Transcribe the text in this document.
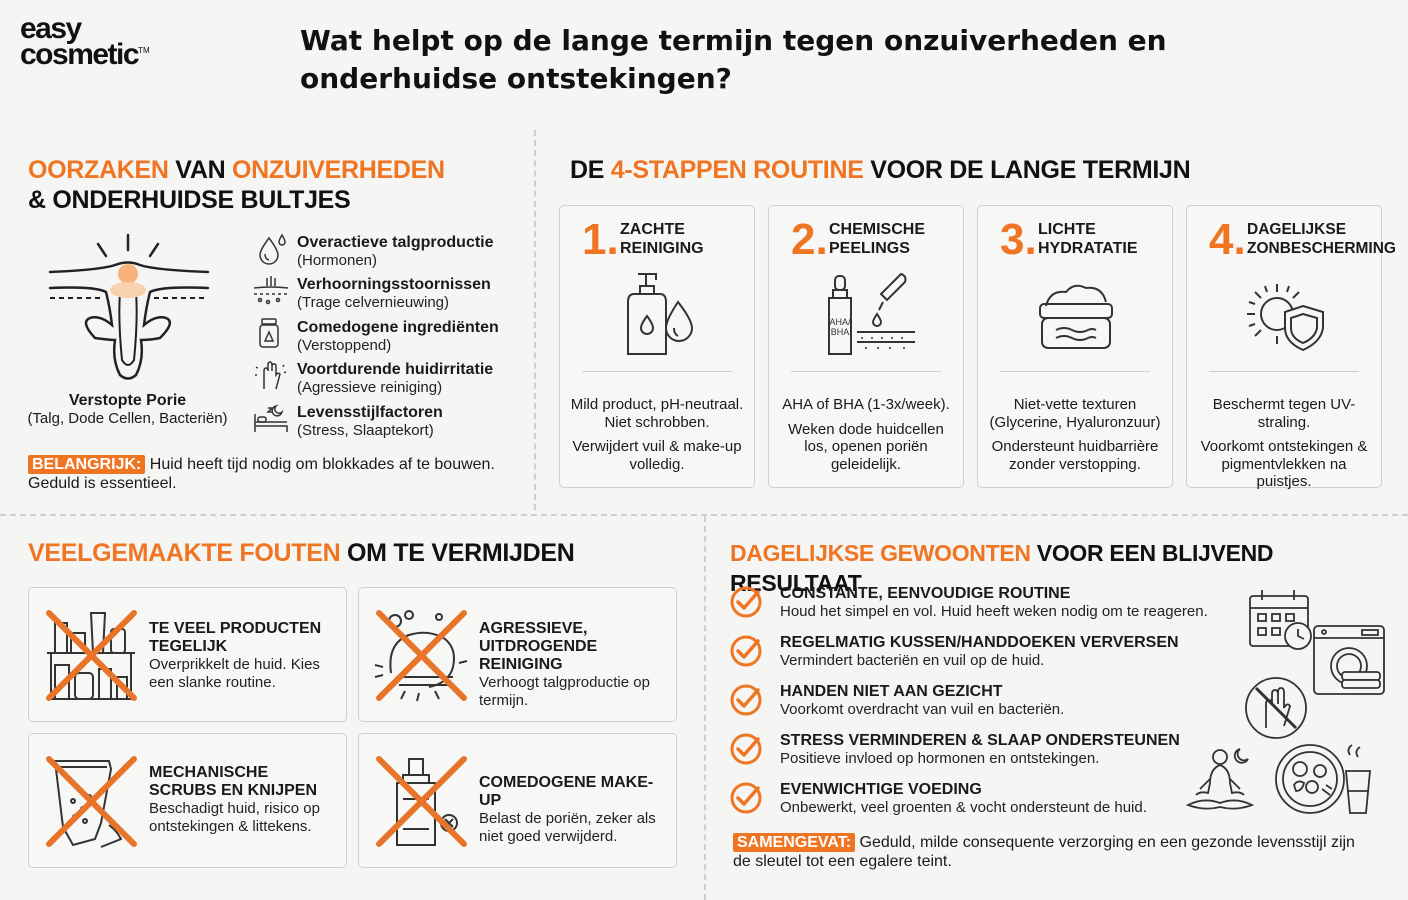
easy
cosmetic™	Wat helpt op de lange termijn tegen onzuiverheden en onderhuidse ontstekingen?
OORZAKEN VAN ONZUIVERHEDEN
& ONDERHUIDSE BULTJES
Verstopte Porie
(Talg, Dode Cellen, Bacteriën)
Overactieve talgproductie
(Hormonen)
Verhoorningsstoornissen
(Trage celvernieuwing)
Comedogene ingrediënten
(Verstoppend)
Voortdurende huidirritatie
(Agressieve reiniging)
Levensstijlfactoren
(Stress, Slaaptekort)
BELANGRIJK: Huid heeft tijd nodig om blokkades af te bouwen. Geduld is essentieel.
DE 4-STAPPEN ROUTINE VOOR DE LANGE TERMIJN
1. ZACHTE
REINIGING

Mild product, pH-neutraal. Niet schrobben.

Verwijdert vuil & make-up volledig.

2. CHEMISCHE
PEELINGS
AHA/ BHA

AHA of BHA (1-3x/week).

Weken dode huidcellen los, openen poriën geleidelijk.

3. LICHTE
HYDRATATIE

Niet-vette texturen (Glycerine, Hyaluronzuur)

Ondersteunt huidbarrière zonder verstopping.

4. DAGELIJKSE
ZONBESCHERMING

Beschermt tegen UV-straling.

Voorkomt ontstekingen & pigmentvlekken na puistjes.

VEELGEMAAKTE FOUTEN OM TE VERMIJDEN
TE VEEL PRODUCTEN TEGELIJK
Overprikkelt de huid. Kies een slanke routine.
AGRESSIEVE, UITDROGENDE REINIGING
Verhoogt talgproductie op termijn.
MECHANISCHE SCRUBS EN KNIJPEN
Beschadigt huid, risico op ontstekingen & littekens.
COMEDOGENE MAKE-UP
Belast de poriën, zeker als niet goed verwijderd.
DAGELIJKSE GEWOONTEN VOOR EEN BLIJVEND RESULTAAT
CONSTANTE, EENVOUDIGE ROUTINE
Houd het simpel en vol. Huid heeft weken nodig om te reageren.
REGELMATIG KUSSEN/HANDDOEKEN VERVERSEN
Vermindert bacteriën en vuil op de huid.
HANDEN NIET AAN GEZICHT
Voorkomt overdracht van vuil en bacteriën.
STRESS VERMINDEREN & SLAAP ONDERSTEUNEN
Positieve invloed op hormonen en ontstekingen.
EVENWICHTIGE VOEDING
Onbewerkt, veel groenten & vocht ondersteunt de huid.
SAMENGEVAT: Geduld, milde consequente verzorging en een gezonde levensstijl zijn de sleutel tot een egalere teint.
